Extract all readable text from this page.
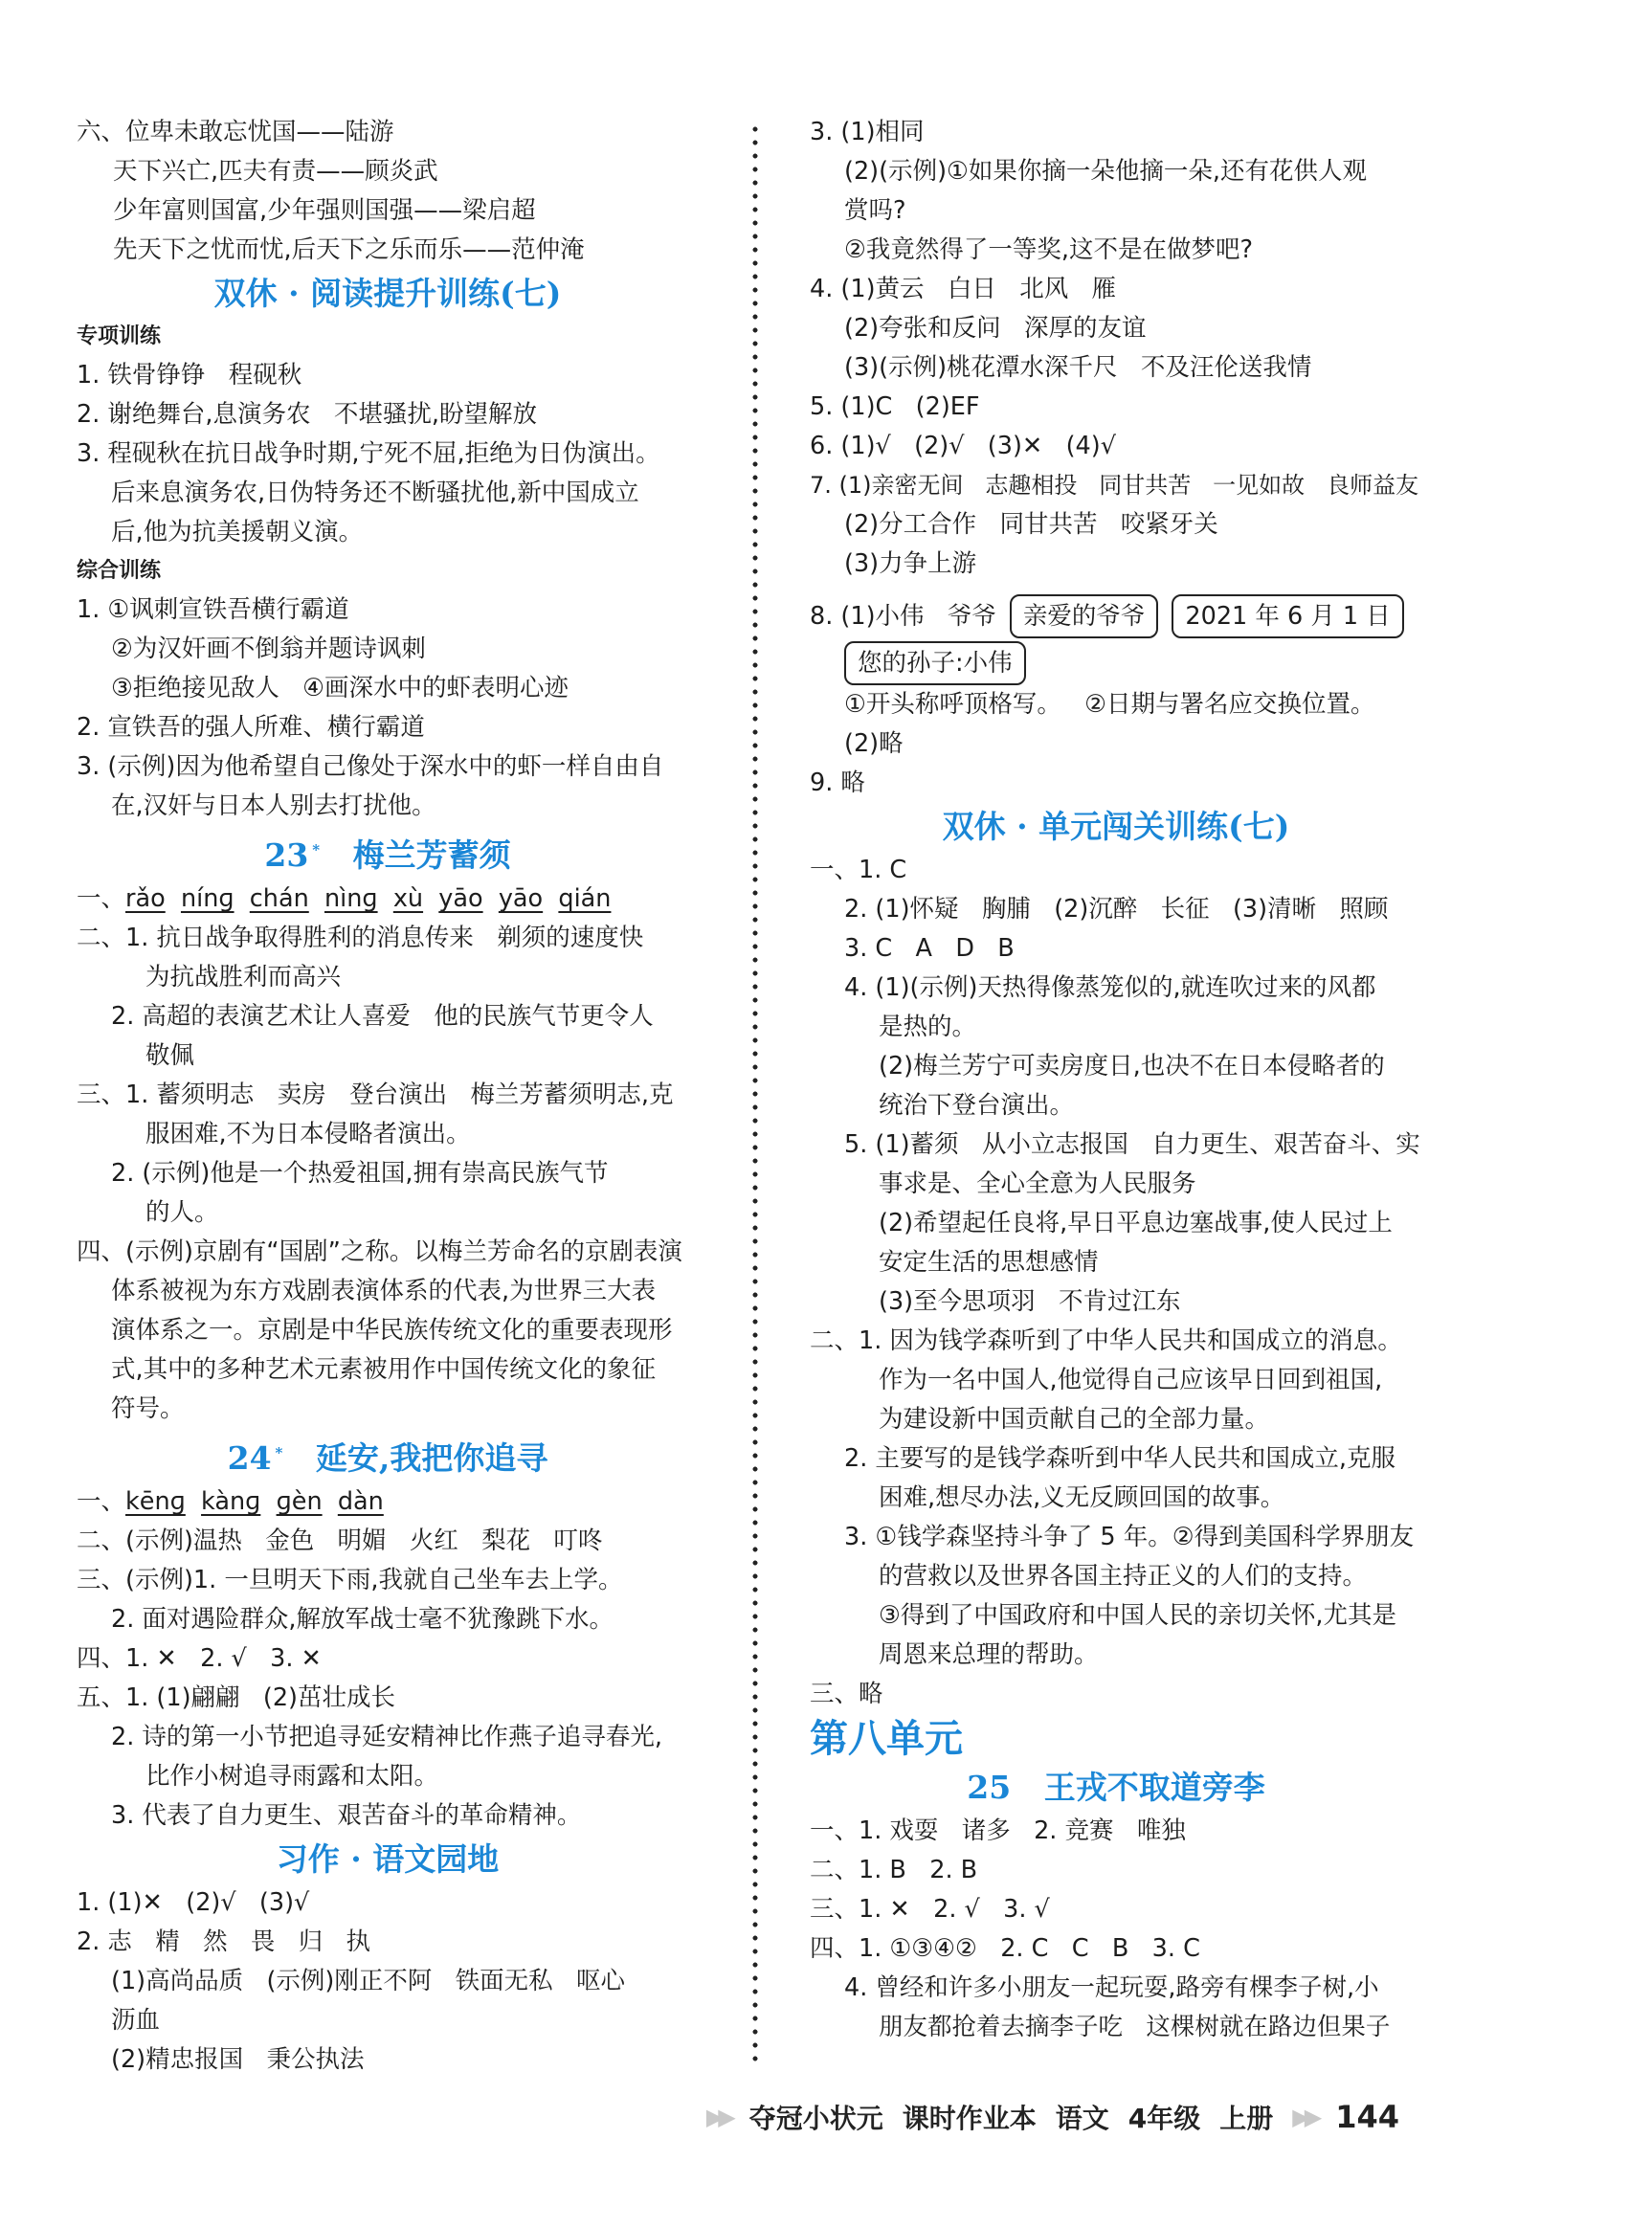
六、位卑未敢忘忧国——陆游
天下兴亡,匹夫有责——顾炎武
少年富则国富,少年强则国强——梁启超
先天下之忧而忧,后天下之乐而乐——范仲淹
双休 · 阅读提升训练(七)
专项训练
1. 铁骨铮铮   程砚秋
2. 谢绝舞台,息演务农   不堪骚扰,盼望解放
3. 程砚秋在抗日战争时期,宁死不屈,拒绝为日伪演出。
后来息演务农,日伪特务还不断骚扰他,新中国成立
后,他为抗美援朝义演。
综合训练
1. ①讽刺宣铁吾横行霸道
②为汉奸画不倒翁并题诗讽刺
③拒绝接见敌人   ④画深水中的虾表明心迹
2. 宣铁吾的强人所难、横行霸道
3. (示例)因为他希望自己像处于深水中的虾一样自由自
在,汉奸与日本人别去打扰他。
23 * 梅兰芳蓄须
一、rǎo nínɡ chán nìnɡ xù yāo yāo qián
二、1. 抗日战争取得胜利的消息传来   剃须的速度快
为抗战胜利而高兴
2. 高超的表演艺术让人喜爱   他的民族气节更令人
敬佩
三、1. 蓄须明志   卖房   登台演出   梅兰芳蓄须明志,克
服困难,不为日本侵略者演出。
2. (示例)他是一个热爱祖国,拥有崇高民族气节
的人。
四、(示例)京剧有“国剧”之称。以梅兰芳命名的京剧表演
体系被视为东方戏剧表演体系的代表,为世界三大表
演体系之一。京剧是中华民族传统文化的重要表现形
式,其中的多种艺术元素被用作中国传统文化的象征
符号。
24 * 延安,我把你追寻
一、kēnɡ kànɡ ɡèn dàn
二、(示例)温热   金色   明媚   火红   梨花   叮咚
三、(示例)1. 一旦明天下雨,我就自己坐车去上学。
2. 面对遇险群众,解放军战士毫不犹豫跳下水。
四、1. ✕   2. √   3. ✕
五、1. (1)翩翩   (2)茁壮成长
2. 诗的第一小节把追寻延安精神比作燕子追寻春光,
比作小树追寻雨露和太阳。
3. 代表了自力更生、艰苦奋斗的革命精神。
习作 · 语文园地
1. (1)✕   (2)√   (3)√
2. 志   精   然   畏   归   执
(1)高尚品质   (示例)刚正不阿   铁面无私   呕心
沥血
(2)精忠报国   秉公执法
3. (1)相同
(2)(示例)①如果你摘一朵他摘一朵,还有花供人观
赏吗?
②我竟然得了一等奖,这不是在做梦吧?
4. (1)黄云   白日   北风   雁
(2)夸张和反问   深厚的友谊
(3)(示例)桃花潭水深千尺   不及汪伦送我情
5. (1)C   (2)EF
6. (1)√   (2)√   (3)✕   (4)√
7. (1)亲密无间   志趣相投   同甘共苦   一见如故   良师益友
(2)分工合作   同甘共苦   咬紧牙关
(3)力争上游
8. (1)小伟   爷爷	亲爱的爷爷	2021 年 6 月 1 日
您的孙子:小伟
①开头称呼顶格写。   ②日期与署名应交换位置。
(2)略
9. 略
双休 · 单元闯关训练(七)
一、1. C
2. (1)怀疑   胸脯   (2)沉醉   长征   (3)清晰   照顾
3. C   A   D   B
4. (1)(示例)天热得像蒸笼似的,就连吹过来的风都
是热的。
(2)梅兰芳宁可卖房度日,也决不在日本侵略者的
统治下登台演出。
5. (1)蓄须   从小立志报国   自力更生、艰苦奋斗、实
事求是、全心全意为人民服务
(2)希望起任良将,早日平息边塞战事,使人民过上
安定生活的思想感情
(3)至今思项羽   不肯过江东
二、1. 因为钱学森听到了中华人民共和国成立的消息。
作为一名中国人,他觉得自己应该早日回到祖国,
为建设新中国贡献自己的全部力量。
2. 主要写的是钱学森听到中华人民共和国成立,克服
困难,想尽办法,义无反顾回国的故事。
3. ①钱学森坚持斗争了 5 年。②得到美国科学界朋友
的营救以及世界各国主持正义的人们的支持。
③得到了中国政府和中国人民的亲切关怀,尤其是
周恩来总理的帮助。
三、略
第八单元
25 王戎不取道旁李
一、1. 戏耍   诸多   2. 竞赛   唯独
二、1. B   2. B
三、1. ✕   2. √   3. √
四、1. ①③④②   2. C   C   B   3. C
4. 曾经和许多小朋友一起玩耍,路旁有棵李子树,小
朋友都抢着去摘李子吃   这棵树就在路边但果子
▶▶ 夺冠小状元 课时作业本 语文 4年级 上册 ▶▶ 144
